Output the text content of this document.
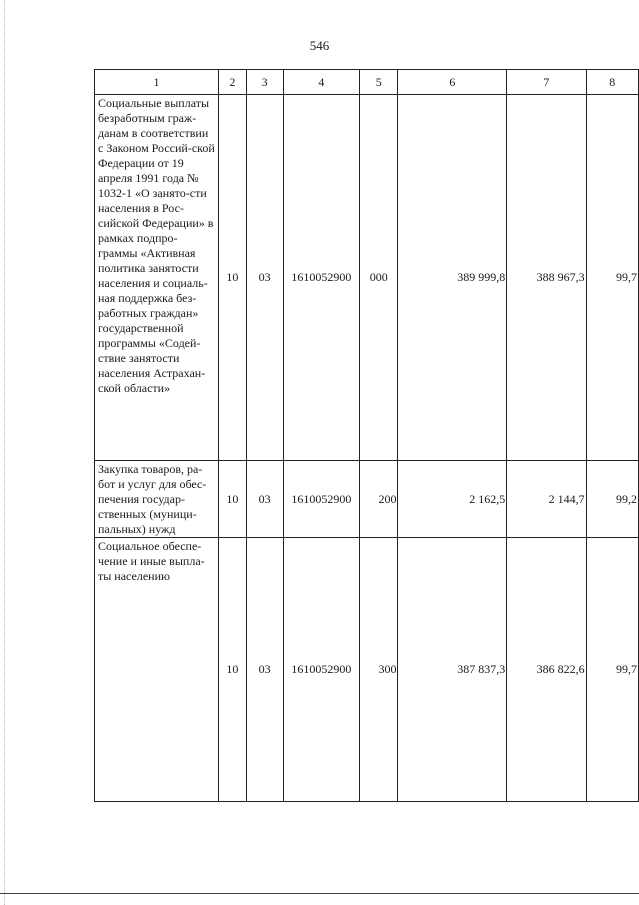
546
1	2	3	4	5	6	7	8
Социальные выплаты безработным граж-данам в соответствии с Законом Россий-ской Федерации от 19 апреля 1991 года № 1032-1 «О занято-сти населения в Рос-сийской Федерации» в рамках подпро-граммы «Активная политика занятости населения и социаль-ная поддержка без-работных граждан» государственной программы «Содей-ствие занятости населения Астрахан-ской области»	10	03	1610052900	000	389 999,8	388 967,3	99,7
Закупка товаров, ра-бот и услуг для обес-печения государ-ственных (муници-пальных) нужд	10	03	1610052900	200	2 162,5	2 144,7	99,2
Социальное обеспе-чение и иные выпла-ты населению	10	03	1610052900	300	387 837,3	386 822,6	99,7
